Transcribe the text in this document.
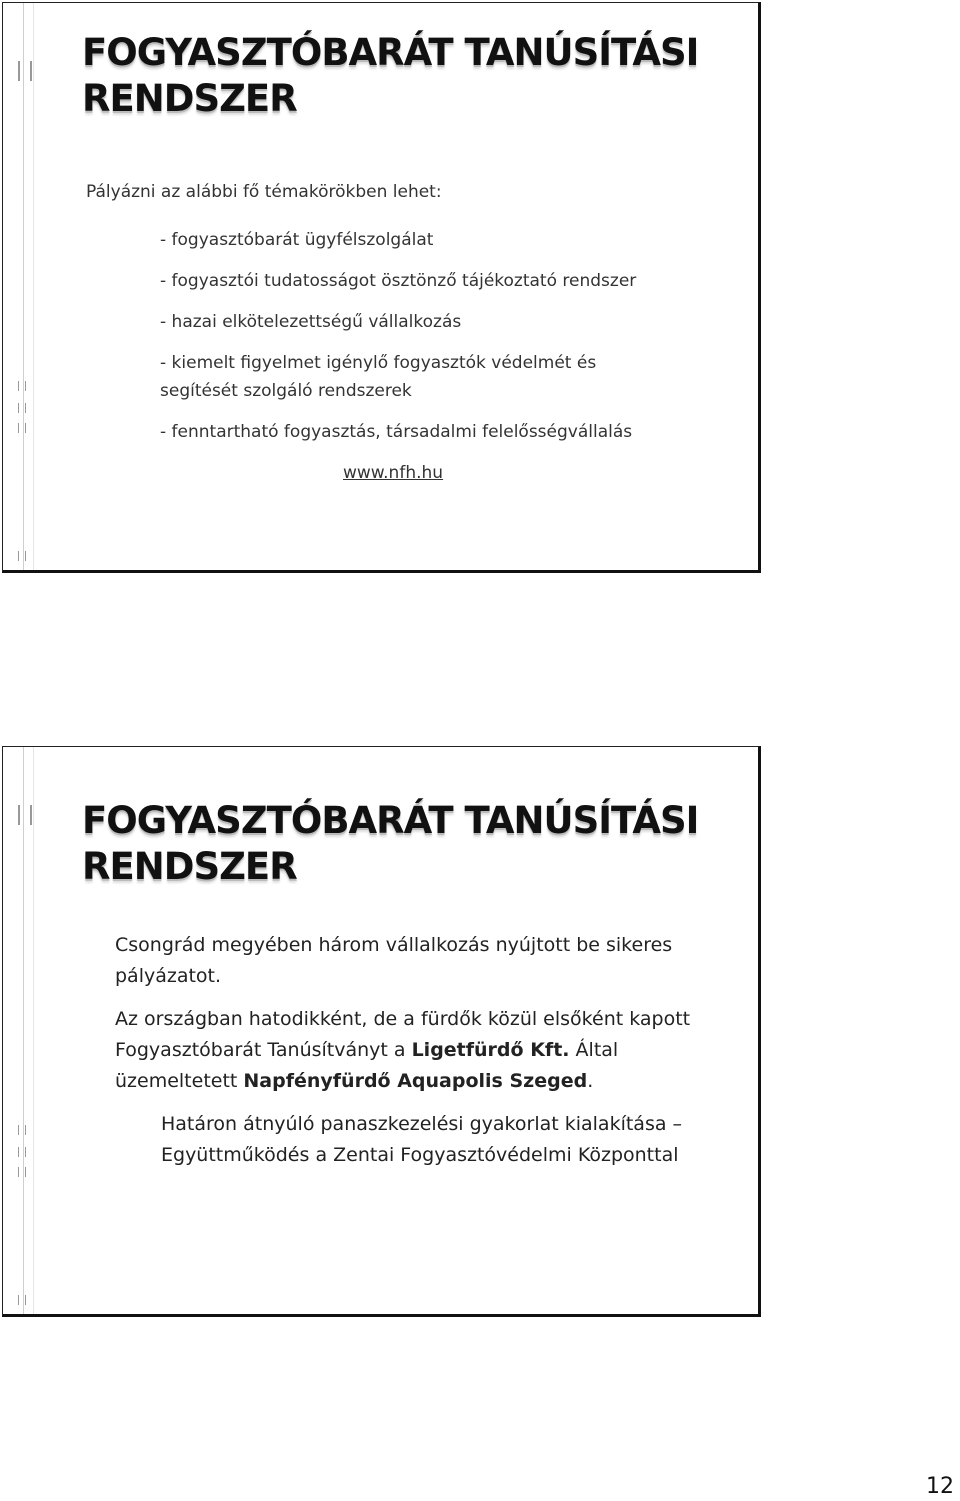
FOGYASZTÓBARÁT TANÚSÍTÁSI
RENDSZER

Pályázni az alábbi fő témakörökben lehet:

- fogyasztóbarát ügyfélszolgálat
- fogyasztói tudatosságot ösztönző tájékoztató rendszer
- hazai elkötelezettségű vállalkozás
- kiemelt figyelmet igénylő fogyasztók védelmét és segítését szolgáló rendszerek
- fenntartható fogyasztás, társadalmi felelősségvállalás
www.nfh.hu
FOGYASZTÓBARÁT TANÚSÍTÁSI
RENDSZER

Csongrád megyében három vállalkozás nyújtott be sikeres pályázatot.

Az országban hatodikként, de a fürdők közül elsőként kapott Fogyasztóbarát Tanúsítványt a Ligetfürdő Kft. Által üzemeltetett Napfényfürdő Aquapolis Szeged.

Határon átnyúló panaszkezelési gyakorlat kialakítása – Együttműködés a Zentai Fogyasztóvédelmi Központtal

12
